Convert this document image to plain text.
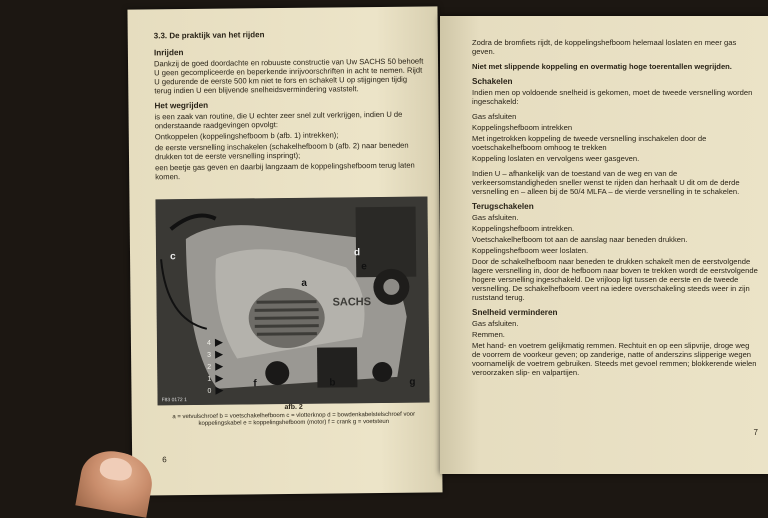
3.3. De praktijk van het rijden
Inrijden
Dankzij de goed doordachte en robuuste constructie van Uw SACHS 50 behoeft U geen gecompliceerde en beperkende inrijvoorschriften in acht te nemen. Rijdt U gedurende de eerste 500 km niet te fors en schakelt U op stijgingen tijdig terug indien U een blijvende snelheidsvermindering vaststelt.
Het wegrijden
is een zaak van routine, die U echter zeer snel zult verkrijgen, indien U de onderstaande raadgevingen opvolgt:
Ontkoppelen (koppelingshefboom b (afb. 1) intrekken);
de eerste versnelling inschakelen (schakelhefboom b (afb. 2) naar beneden drukken tot de eerste versnelling inspringt);
een beetje gas geven en daarbij langzaam de koppelingshefboom terug laten komen.
SACHS
F83 0172 1
d
e
c
a
b
f	g
4
3
2
1
0
afb. 2
a = vetvulschroef b = voetschakelhefboom c = vlotterknop d = bowdenkabelstelschroef voor koppelingskabel e = koppelingshefboom (motor) f = crank g = voetsteun
6
Zodra de bromfiets rijdt, de koppelingshefboom helemaal loslaten en meer gas geven.
Niet met slippende koppeling en overmatig hoge toerentallen wegrijden.
Schakelen
Indien men op voldoende snelheid is gekomen, moet de tweede versnelling worden ingeschakeld:
Gas afsluiten
Koppelingshefboom intrekken
Met ingetrokken koppeling de tweede versnelling inschakelen door de voetschakelhefboom omhoog te trekken
Koppeling loslaten en vervolgens weer gasgeven.
Indien U – afhankelijk van de toestand van de weg en van de verkeersomstandigheden sneller wenst te rijden dan herhaalt U dit om de derde versnelling en – alleen bij de 50/4 MLFA – de vierde versnelling in te schakelen.
Terugschakelen
Gas afsluiten.
Koppelingshefboom intrekken.
Voetschakelhefboom tot aan de aanslag naar beneden drukken.
Koppelingshefboom weer loslaten.
Door de schakelhefboom naar beneden te drukken schakelt men de eerstvolgende lagere versnelling in, door de hefboom naar boven te trekken wordt de eerstvolgende hogere versnelling ingeschakeld. De vrijloop ligt tussen de eerste en de tweede versnelling. De schakelhefboom veert na iedere overschakeling steeds weer in zijn ruststand terug.
Snelheid verminderen
Gas afsluiten.
Remmen.
Met hand- en voetrem gelijkmatig remmen. Rechtuit en op een slipvrije, droge weg de voorrem de voorkeur geven; op zanderige, natte of anderszins slipperige wegen voornamelijk de voetrem gebruiken. Steeds met gevoel remmen; blokkerende wielen veroorzaken slip- en valpartijen.
7
